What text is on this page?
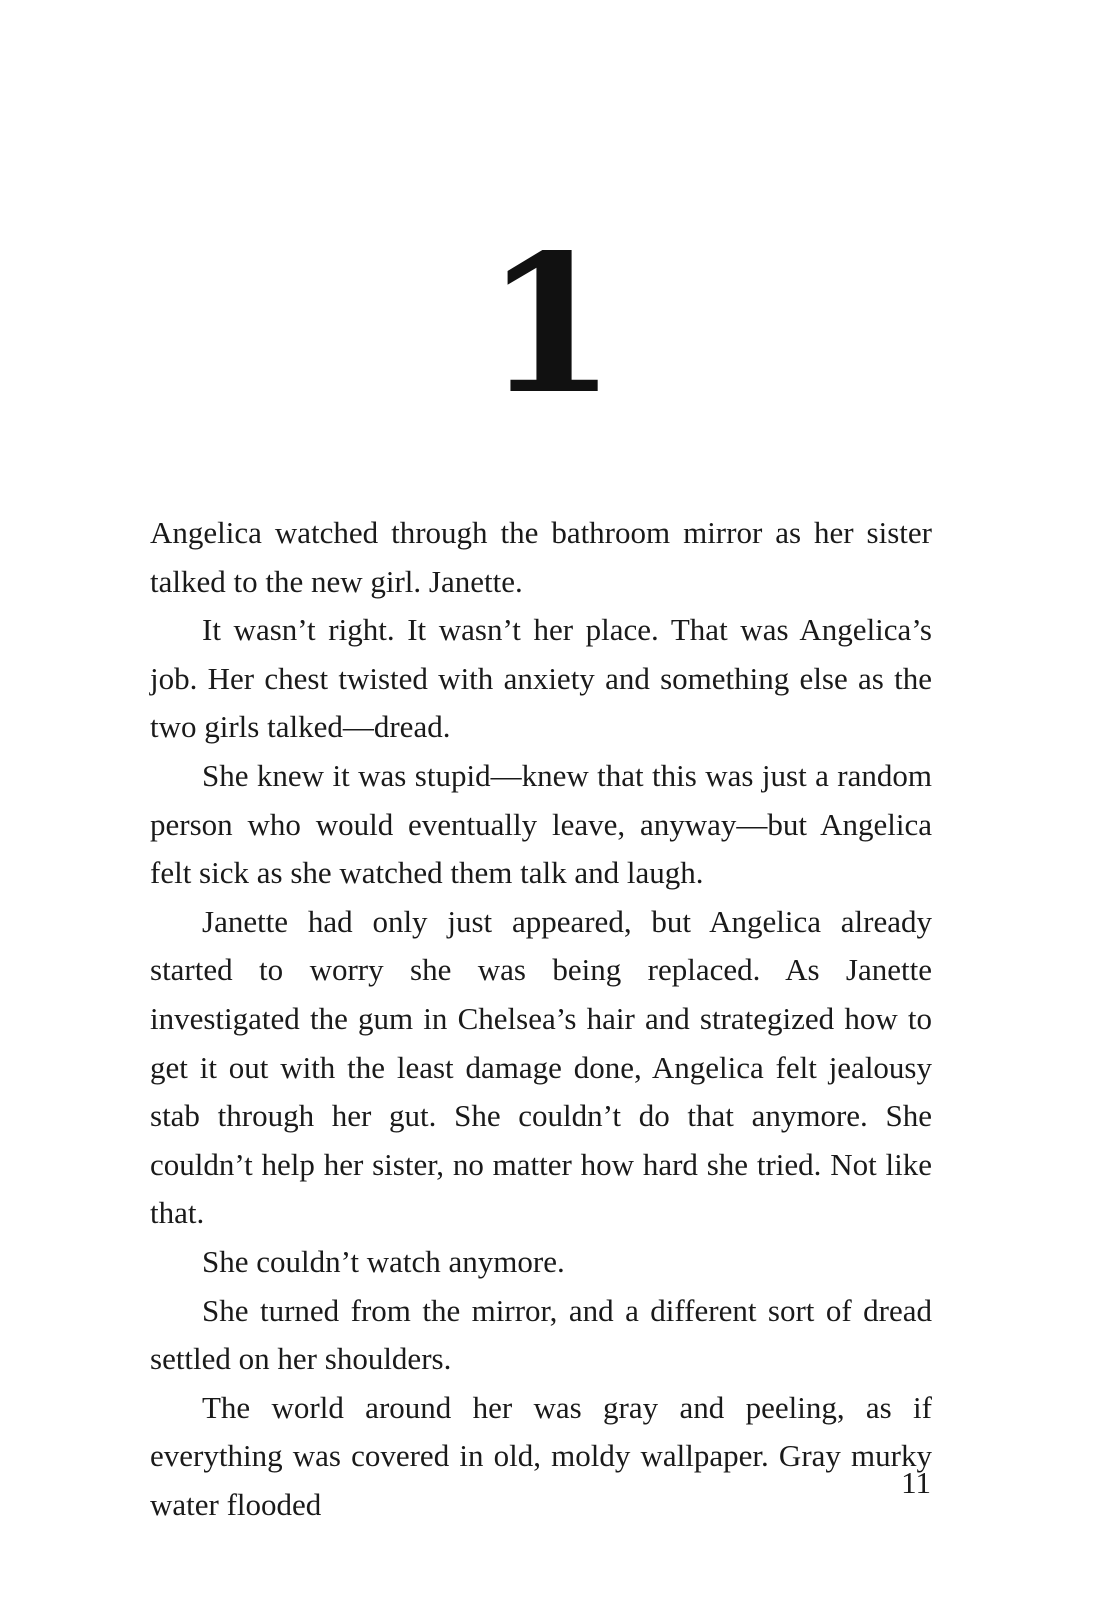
1

Angelica watched through the bathroom mirror as her sister talked to the new girl. Janette.

It wasn’t right. It wasn’t her place. That was Angelica’s job. Her chest twisted with anxiety and something else as the two girls talked—dread.

She knew it was stupid—knew that this was just a random person who would eventually leave, anyway—but Angelica felt sick as she watched them talk and laugh.

Janette had only just appeared, but Angelica already started to worry she was being replaced. As Janette investigated the gum in Chelsea’s hair and strategized how to get it out with the least damage done, Angelica felt jealousy stab through her gut. She couldn’t do that anymore. She couldn’t help her sister, no matter how hard she tried. Not like that.

She couldn’t watch anymore.

She turned from the mirror, and a different sort of dread settled on her shoulders.

The world around her was gray and peeling, as if everything was covered in old, moldy wallpaper. Gray murky water flooded

11
